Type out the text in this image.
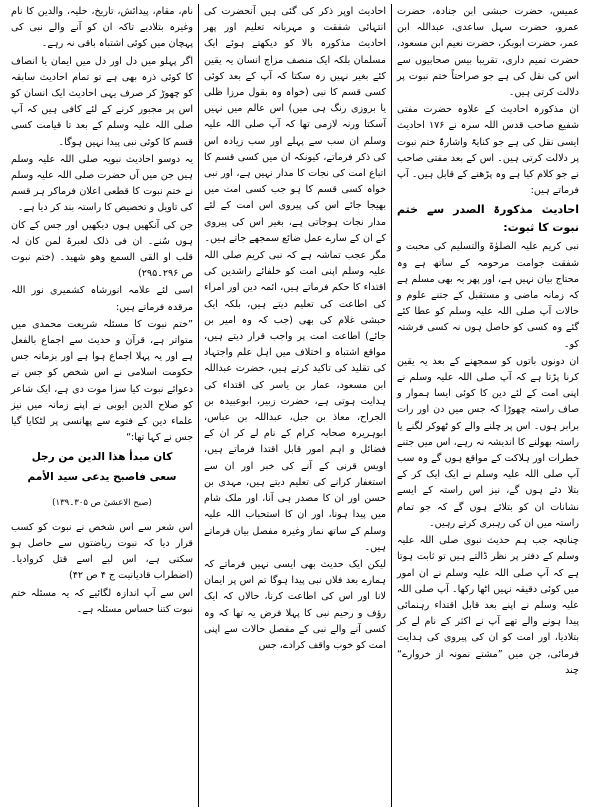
عمیس، حضرت حبشی ابن جنادہ، حضرت عمرو، حضرت سہل ساعدی، عبداللہ ابن عمر، حضرت ابوبکر، حضرت نعیم ابن مسعود، حضرت تمیم داری، تقریبا بیس صحابیوں سے اس کی نقل کی ہے جو صراحتاً ختم نبوت پر دلالت کرتی ہیں۔

ان مذکورہ احادیث کے علاوہ حضرت مفتی شفیع صاحب قدس اللہ سرہ نے ۱۷۶ احادیث ایسی نقل کی ہے جو کنایۃً واشارۃً ختم نبوت پر دلالت کرتی ہیں۔ اس کے بعد مفتی صاحب نے جو کلام کیا ہے وہ پڑھنے کے قابل ہیں۔ آپ فرماتے ہیں:

احادیث مذکورۃ الصدر سے ختم نبوت کا ثبوت:

نبی کریم علیہ الصلوٰۃ والتسلیم کی محبت و شفقت جوامت مرحومہ کے ساتھ ہے وہ محتاج بیان نہیں ہے، اور پھر یہ بھی مسلم ہے کہ زمانہ ماضی و مستقبل کے جتنے علوم و حالات آپ صلی اللہ علیہ وسلم کو عطا کئے گئے وہ کسی کو حاصل ہوں نہ کسی فرشتہ کو۔

ان دونوں باتوں کو سمجھنے کے بعد یہ یقین کرنا پڑتا ہے کہ آپ صلی اللہ علیہ وسلم نے اپنی امت کے لئے دین کا کوئی ایسا ہموار و صاف راستہ چھوڑا کہ جس میں دن اور رات برابر ہوں۔ اس پر چلنے والے کو ٹھوکر لگنے یا راستہ بھولنے کا اندیشہ نہ رہے، اس میں جتنے خطرات اور ہلاکت کے مواقع ہوں گے وہ سب آپ صلی اللہ علیہ وسلم نے ایک ایک کر کے بتلا دئے ہوں گے، نیز اس راستہ کے ایسے نشانات ان کو بتلائے ہوں گے کہ جو تمام راستہ میں ان کی رہبری کرتے رہیں۔

چنانچہ جب ہم حدیث نبوی صلی اللہ علیہ وسلم کے دفتر پر نظر ڈالتے ہیں تو ثابت ہوتا ہے کہ آپ صلی اللہ علیہ وسلم نے ان امور میں کوئی دقیقہ نہیں اٹھا رکھا۔ آپ صلی اللہ علیہ وسلم نے اپنے بعد قابل اقتداء رہنمائی پیدا ہونے والے تھے آپ نے اکثر کے نام لے کر بتلادیا، اور امت کو ان کی پیروی کی ہدایت فرمائی، جن میں ”مشتے نمونہ از خروارے“ چند

احادیث اوپر ذکر کی گئی ہیں آنحضرت کی انتہائی شفقت و مہربانہ تعلیم اور پھر احادیث مذکورہ بالا کو دیکھتے ہوئے ایک مسلمان بلکہ ایک منصف مزاج انسان یہ یقین کئے بغیر نہیں رہ سکتا کہ آپ کے بعد کوئی کسی قسم کا نبی (خواہ وہ بقول مرزا ظلی یا بروزی رنگ ہی میں) اس عالم میں نہیں آسکتا ورنہ لازمی تھا کہ آپ صلی اللہ علیہ وسلم ان سب سے پہلے اور سب زیادہ اس کی ذکر فرماتے، کیونکہ ان میں کسی قسم کا اتباع امت کی نجات کا مدار نہیں ہے، اور نبی خواہ کسی قسم کا ہو جب کسی امت میں بھیجا جائے اس کی پیروی اس امت کے لئے مدار نجات ہوجاتی ہے، بغیر اس کی پیروی کے ان کے سارے عمل ضائع سمجھے جاتے ہیں۔

مگر عجب تماشہ ہے کہ نبی کریم صلی اللہ علیہ وسلم اپنی امت کو خلفائے راشدین کی اقتداء کا حکم فرماتے ہیں، ائمہ دین اور امراء کی اطاعت کی تعلیم دیتے ہیں، بلکہ ایک حبشی غلام کی بھی (جب کہ وہ امیر بن جائے) اطاعت امت پر واجب قرار دیتے ہیں، مواقع اشتباہ و اختلاف میں اہل علم واجتہاد کی تقلید کی تاکید کرتے ہیں، حضرت عبداللہ ابن مسعود، عمار بن یاسر کی اقتداء کی ہدایت ہوتی ہے، حضرت زبیر، ابوعبیدہ بن الجراح، معاذ بن جبل، عبداللہ بن عباس، ابوہریرہ صحابہ کرام کے نام لے کر ان کے فضائل و اہم امور قابل اقتدا فرماتے ہیں، اویس قرنی کے آنے کی خبر اور ان سے استغفار کرانے کی تعلیم دیتے ہیں، مہدی بن حسن اور ان کا مصدر ہی آنا، اور ملک شام میں پیدا ہونا، اور ان کا استحباب اللہ علیہ وسلم کے ساتھ نماز وغیرہ مفصل بیان فرماتے ہیں۔

لیکن ایک حدیث بھی ایسی نہیں فرماتے کہ ہمارے بعد فلاں نبی پیدا ہوگا تم اس پر ایمان لانا اور اس کی اطاعت کرنا، حالاں کہ ایک رؤف و رحیم نبی کا پہلا فرض یہ تھا کہ وہ کسی آنے والے نبی کے مفصل حالات سے اپنی امت کو خوب واقف کرادے، جس

نام، مقام، پیدائش، تاریخ، حلیہ، والدین کا نام وغیرہ بتلادیے تاکہ ان کو آنے والے نبی کی پہچان میں کوئی اشتباہ باقی نہ رہے۔

اگر پہلو میں دل اور دل میں ایمان یا انصاف کا کوئی ذرہ بھی ہے تو تمام احادیث سابقہ کو چھوڑ کر صرف یہی احادیث ایک انسان کو اس پر مجبور کرنے کے لئے کافی ہیں کہ آپ صلی اللہ علیہ وسلم کے بعد تا قیامت کسی قسم کا کوئی نبی پیدا نہیں ہوگا۔

یہ دوسو احادیث نبویہ صلی اللہ علیہ وسلم ہیں جن میں آں حضرت صلی اللہ علیہ وسلم نے ختم نبوت کا قطعی اعلان فرماکر ہر قسم کی تاویل و تخصیص کا راستہ بند کر دیا ہے۔

جن کی آنکھیں ہوں دیکھیں اور جس کے کان ہوں سُنے۔ ان فی ذلک لعبرۃ لمن کان لہ قلب او القی السمع وھو شھید۔ (ختم نبوت ص ۲۹۶۔۲۹۵)

اسی لئے علامہ انورشاہ کشمیری نور اللہ مرقدہ فرماتے ہیں:

”ختم نبوت کا مسئلہ شریعت محمدی میں متواتر ہے، قرآن و حدیث سے اجماع بالفعل ہے اور یہ پہلا اجماع ہوا ہے اور بزمانہ جس حکومت اسلامی نے اس شخص کو جس نے دعوائے نبوت کیا سزا موت دی ہے، ایک شاعر کو صلاح الدین ایوبی نے اپنے زمانہ میں نیز علماء دین کے فتوے سے پھانسی پر لٹکایا گیا جس نے کہا تھا:“

کان مبدأ ھذا الدین من رجل

سعی فاصبح یدعی سید الأمم

(صبح الاعشیٰ ص ۳۰۵۔۱۳۹)

اس شعر سے اس شخص نے نبوت کو کسب قرار دیا کہ نبوت ریاضتوں سے حاصل ہو سکتی ہے، اس لیے اسے قتل کروادیا۔ (اضطراب قادیانیت ج ۴ ص ۴۲)

اس سے آپ اندازہ لگائیے کہ یہ مسئلہ ختم نبوت کتنا حساس مسئلہ ہے۔
